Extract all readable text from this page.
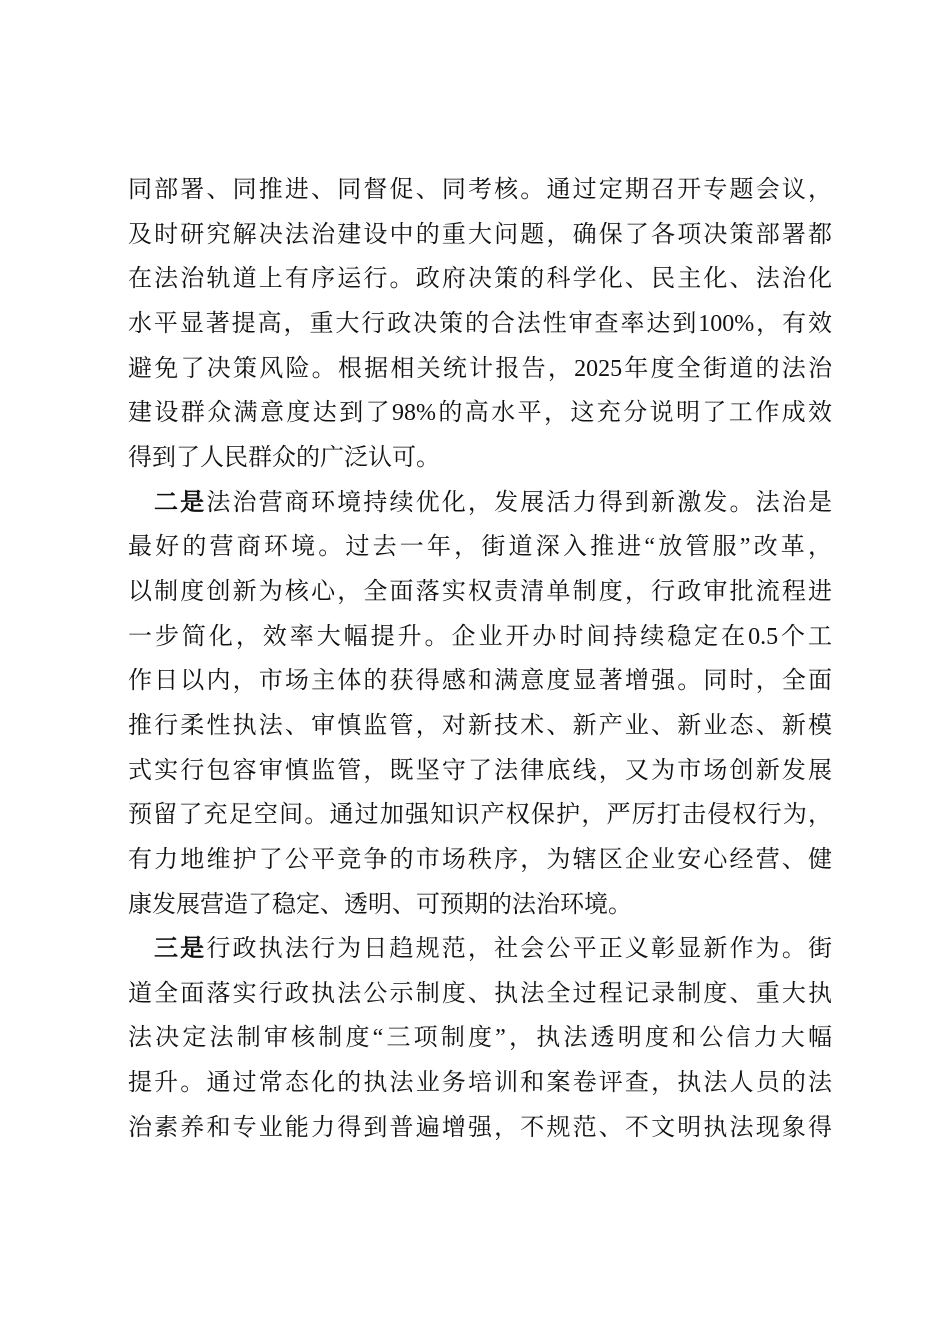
同部署、同推进、同督促、同考核。通过定期召开专题会议，
及时研究解决法治建设中的重大问题，确保了各项决策部署都
在法治轨道上有序运行。政府决策的科学化、民主化、法治化
水平显著提高，重大行政决策的合法性审查率达到100%，有效
避免了决策风险。根据相关统计报告，2025年度全街道的法治
建设群众满意度达到了98%的高水平，这充分说明了工作成效
得到了人民群众的广泛认可。
二是法治营商环境持续优化，发展活力得到新激发。法治是
最好的营商环境。过去一年，街道深入推进“放管服”改革，
以制度创新为核心，全面落实权责清单制度，行政审批流程进
一步简化，效率大幅提升。企业开办时间持续稳定在0.5个工
作日以内，市场主体的获得感和满意度显著增强。同时，全面
推行柔性执法、审慎监管，对新技术、新产业、新业态、新模
式实行包容审慎监管，既坚守了法律底线，又为市场创新发展
预留了充足空间。通过加强知识产权保护，严厉打击侵权行为，
有力地维护了公平竞争的市场秩序，为辖区企业安心经营、健
康发展营造了稳定、透明、可预期的法治环境。
三是行政执法行为日趋规范，社会公平正义彰显新作为。街
道全面落实行政执法公示制度、执法全过程记录制度、重大执
法决定法制审核制度“三项制度”，执法透明度和公信力大幅
提升。通过常态化的执法业务培训和案卷评查，执法人员的法
治素养和专业能力得到普遍增强，不规范、不文明执法现象得
